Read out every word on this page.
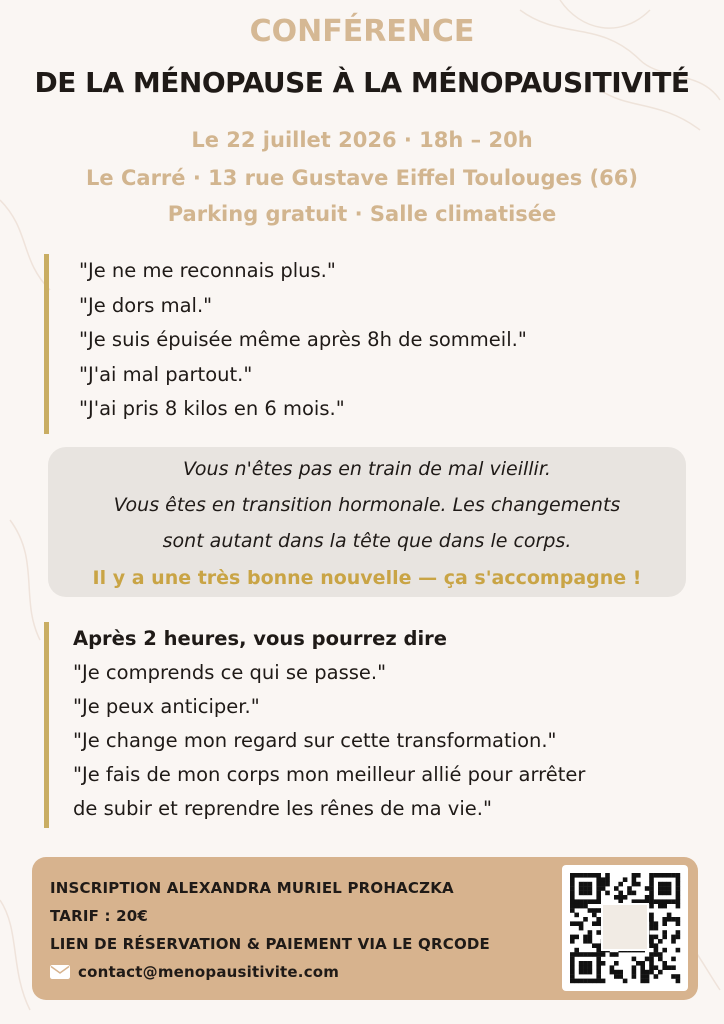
CONFÉRENCE
DE LA MÉNOPAUSE À LA MÉNOPAUSITIVITÉ
Le 22 juillet 2026 · 18h – 20h
Le Carré · 13 rue Gustave Eiffel Toulouges (66)
Parking gratuit · Salle climatisée
"Je ne me reconnais plus."
"Je dors mal."
"Je suis épuisée même après 8h de sommeil."
"J'ai mal partout."
"J'ai pris 8 kilos en 6 mois."
Vous n'êtes pas en train de mal vieillir.
Vous êtes en transition hormonale. Les changements
sont autant dans la tête que dans le corps.
Il y a une très bonne nouvelle — ça s'accompagne !
Après 2 heures, vous pourrez dire
"Je comprends ce qui se passe."
"Je peux anticiper."
"Je change mon regard sur cette transformation."
"Je fais de mon corps mon meilleur allié pour arrêter
de subir et reprendre les rênes de ma vie."
INSCRIPTION ALEXANDRA MURIEL PROHACZKA
TARIF : 20€
LIEN DE RÉSERVATION & PAIEMENT VIA LE QRCODE
contact@menopausitivite.com
